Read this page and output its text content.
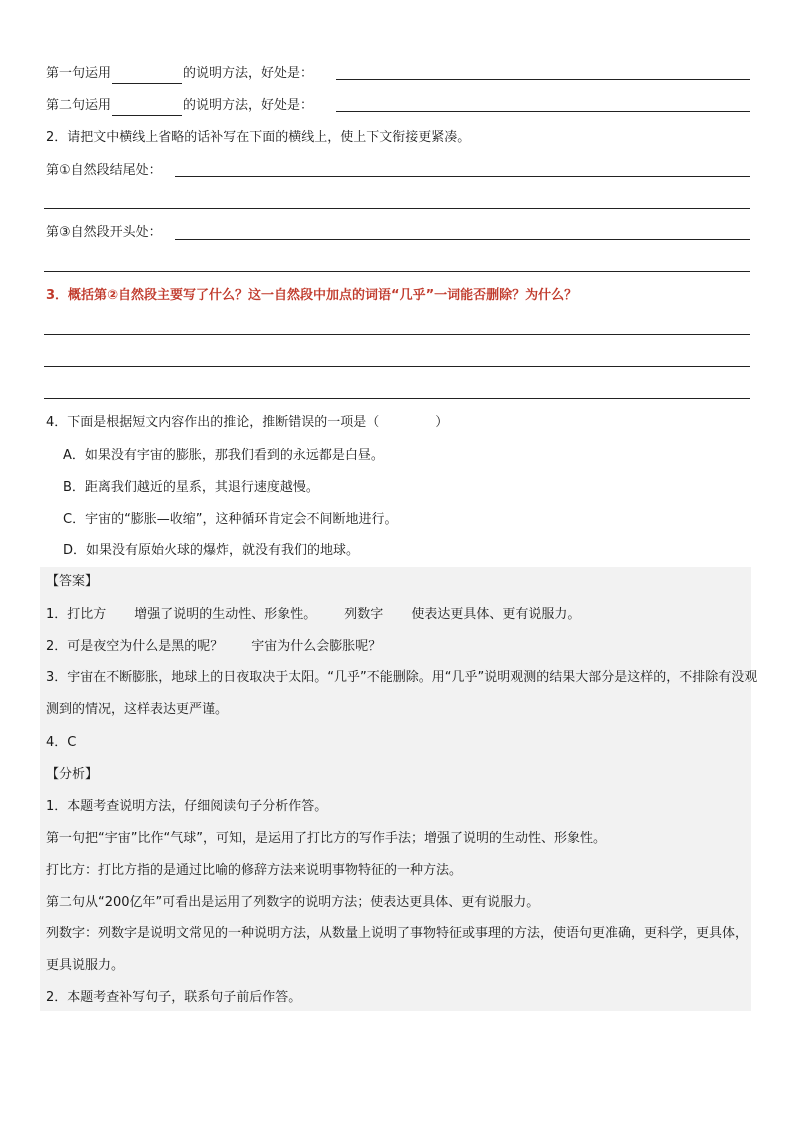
第一句运用	的说明方法，好处是：
第二句运用	的说明方法，好处是：
2．请把文中横线上省略的话补写在下面的横线上，使上下文衔接更紧凑。
第①自然段结尾处：
第③自然段开头处：
3．概括第②自然段主要写了什么？这一自然段中加点的词语“几乎”一词能否删除？为什么？
4．下面是根据短文内容作出的推论，推断错误的一项是（	）
A．如果没有宇宙的膨胀，那我们看到的永远都是白昼。
B．距离我们越近的星系，其退行速度越慢。
C．宇宙的“膨胀—收缩”，这种循环肯定会不间断地进行。
D．如果没有原始火球的爆炸，就没有我们的地球。
【答案】
1．打比方 增强了说明的生动性、形象性。 列数字 使表达更具体、更有说服力。
2．可是夜空为什么是黑的呢？ 宇宙为什么会膨胀呢？
3．宇宙在不断膨胀，地球上的日夜取决于太阳。“几乎”不能删除。用“几乎”说明观测的结果大部分是这样的，不排除有没观测到的情况，这样表达更严谨。
4．C
【分析】
1．本题考查说明方法，仔细阅读句子分析作答。
第一句把“宇宙”比作“气球”，可知，是运用了打比方的写作手法；增强了说明的生动性、形象性。
打比方：打比方指的是通过比喻的修辞方法来说明事物特征的一种方法。
第二句从“200亿年”可看出是运用了列数字的说明方法；使表达更具体、更有说服力。
列数字：列数字是说明文常见的一种说明方法，从数量上说明了事物特征或事理的方法，使语句更准确，更科学，更具体，更具说服力。
2．本题考查补写句子，联系句子前后作答。
